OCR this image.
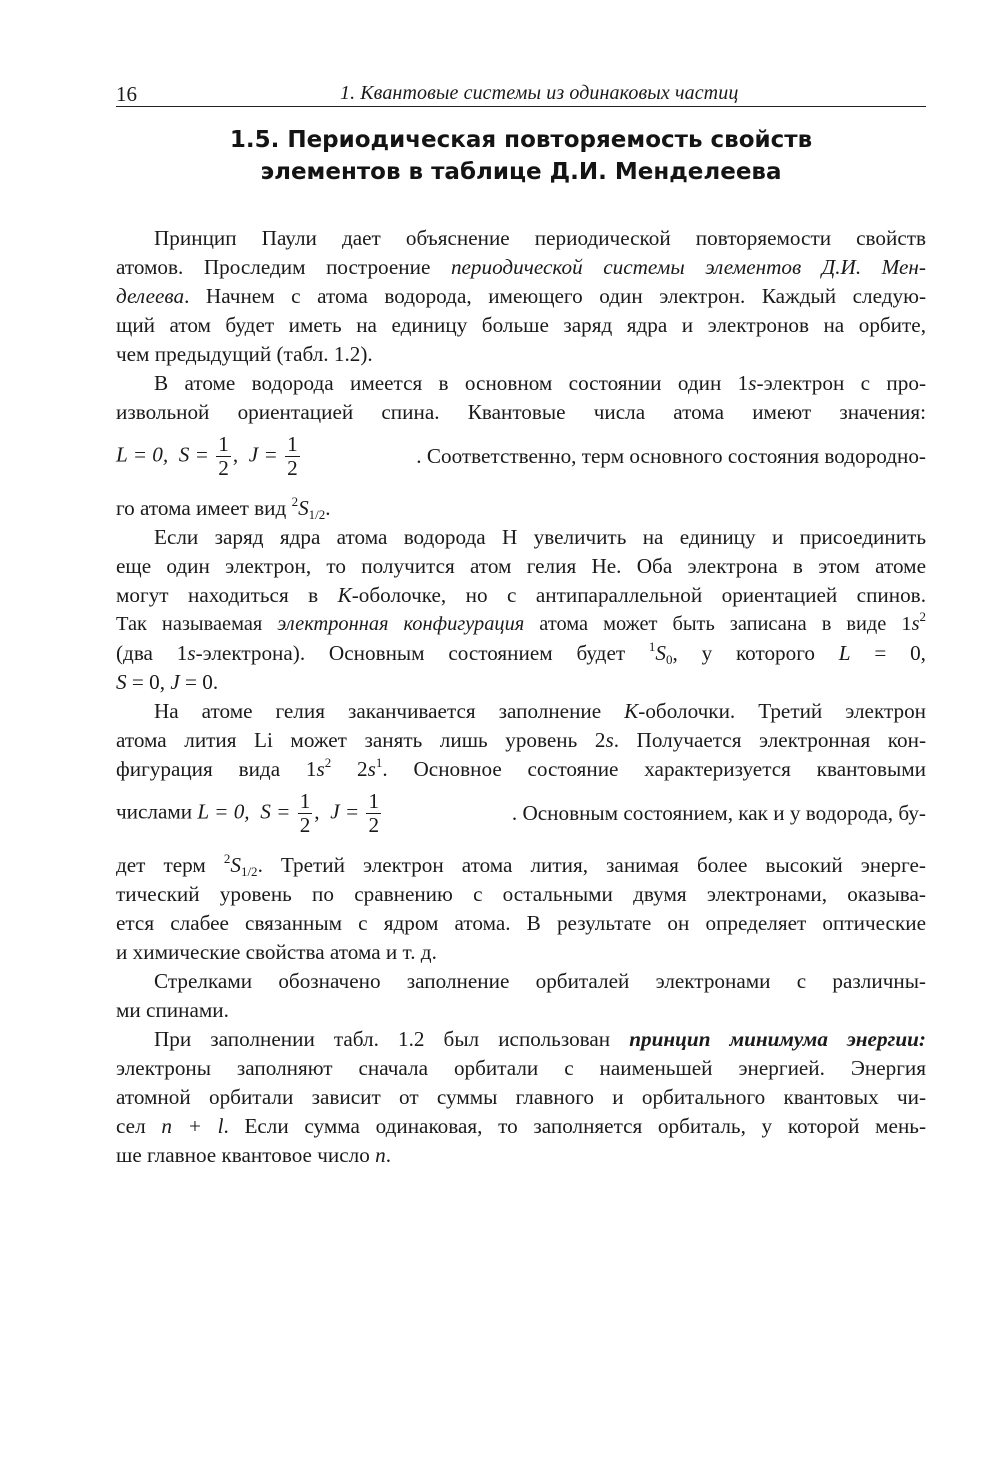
16	1. Квантовые системы из одинаковых частиц
1.5. Периодическая повторяемость свойств
элементов в таблице Д.И. Менделеева
Принцип Паули дает объяснение периодической повторяемости свойств
атомов. Проследим построение периодической системы элементов Д.И. Мен-
делеева. Начнем с атома водорода, имеющего один электрон. Каждый следую-
щий атом будет иметь на единицу больше заряд ядра и электронов на орбите,
чем предыдущий (табл. 1.2).
В атоме водорода имеется в основном состоянии один 1s-электрон с про-
извольной ориентацией спина. Квантовые числа атома имеют значения:
L = 0, $S = \frac{1}{2}$ ,  $J = \frac{1}{2}$	. Соответственно, терм основного состояния водородно-
го атома имеет вид $^2S_{1/2}$.
Если заряд ядра атома водорода H увеличить на единицу и присоединить
еще один электрон, то получится атом гелия He. Оба электрона в этом атоме
могут находиться в K-оболочке, но с антипараллельной ориентацией спинов.
Так называемая электронная конфигурация атома может быть записана в виде $1s^2$
(два 1s-электрона). Основным состоянием будет $^1S_0$, у которого L = 0,
S = 0, J = 0.
На атоме гелия заканчивается заполнение K-оболочки. Третий электрон
атома лития Li может занять лишь уровень 2s. Получается электронная кон-
фигурация вида $1s^2$ $2s^1$. Основное состояние характеризуется квантовыми
числами L = 0, $S = \frac{1}{2}$ ,  $J = \frac{1}{2}$	. Основным состоянием, как и у водорода, бу-
дет терм $^2S_{1/2}$. Третий электрон атома лития, занимая более высокий энерге-
тический уровень по сравнению с остальными двумя электронами, оказыва-
ется слабее связанным с ядром атома. В результате он определяет оптические
и химические свойства атома и т. д.
Стрелками обозначено заполнение орбиталей электронами с различны-
ми спинами.
При заполнении табл. 1.2 был использован принцип минимума энергии:
электроны заполняют сначала орбитали с наименьшей энергией. Энергия
атомной орбитали зависит от суммы главного и орбитального квантовых чи-
сел n + l. Если сумма одинаковая, то заполняется орбиталь, у которой мень-
ше главное квантовое число n.
